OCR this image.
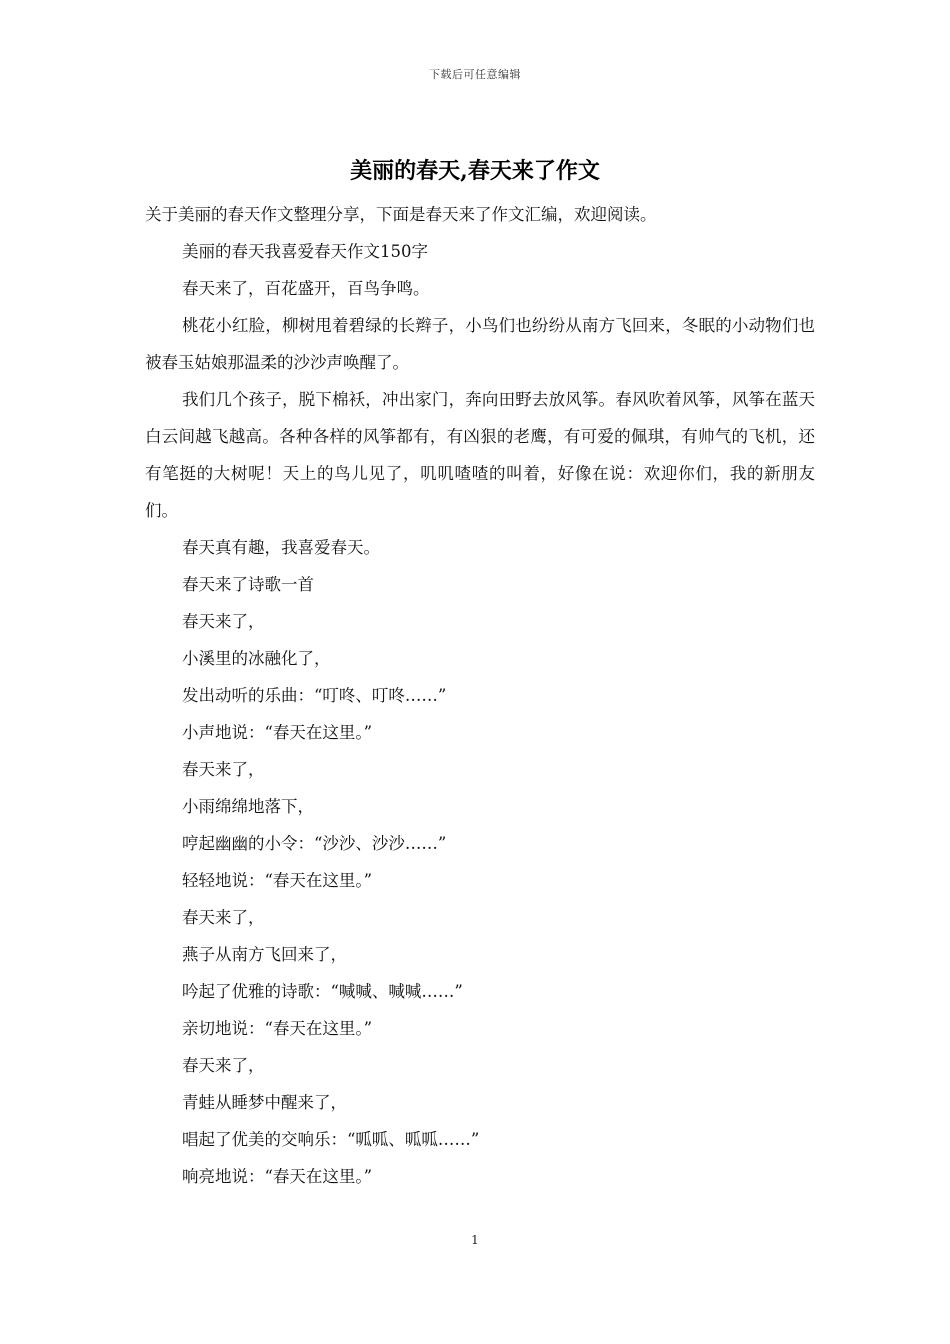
下载后可任意编辑
美丽的春天,春天来了作文

关于美丽的春天作文整理分享，下面是春天来了作文汇编，欢迎阅读。

美丽的春天我喜爱春天作文150字

春天来了，百花盛开，百鸟争鸣。

桃花小红脸，柳树甩着碧绿的长辫子，小鸟们也纷纷从南方飞回来，冬眠的小动物们也被春玉姑娘那温柔的沙沙声唤醒了。

我们几个孩子，脱下棉袄，冲出家门，奔向田野去放风筝。春风吹着风筝，风筝在蓝天白云间越飞越高。各种各样的风筝都有，有凶狠的老鹰，有可爱的佩琪，有帅气的飞机，还有笔挺的大树呢！天上的鸟儿见了，叽叽喳喳的叫着，好像在说：欢迎你们，我的新朋友们。

春天真有趣，我喜爱春天。

春天来了诗歌一首

春天来了，

小溪里的冰融化了，

发出动听的乐曲：“叮咚、叮咚……”

小声地说：“春天在这里。”

春天来了，

小雨绵绵地落下，

哼起幽幽的小令：“沙沙、沙沙……”

轻轻地说：“春天在这里。”

春天来了，

燕子从南方飞回来了，

吟起了优雅的诗歌：“喊喊、喊喊……”

亲切地说：“春天在这里。”

春天来了，

青蛙从睡梦中醒来了，

唱起了优美的交响乐：“呱呱、呱呱……”

响亮地说：“春天在这里。”

1
